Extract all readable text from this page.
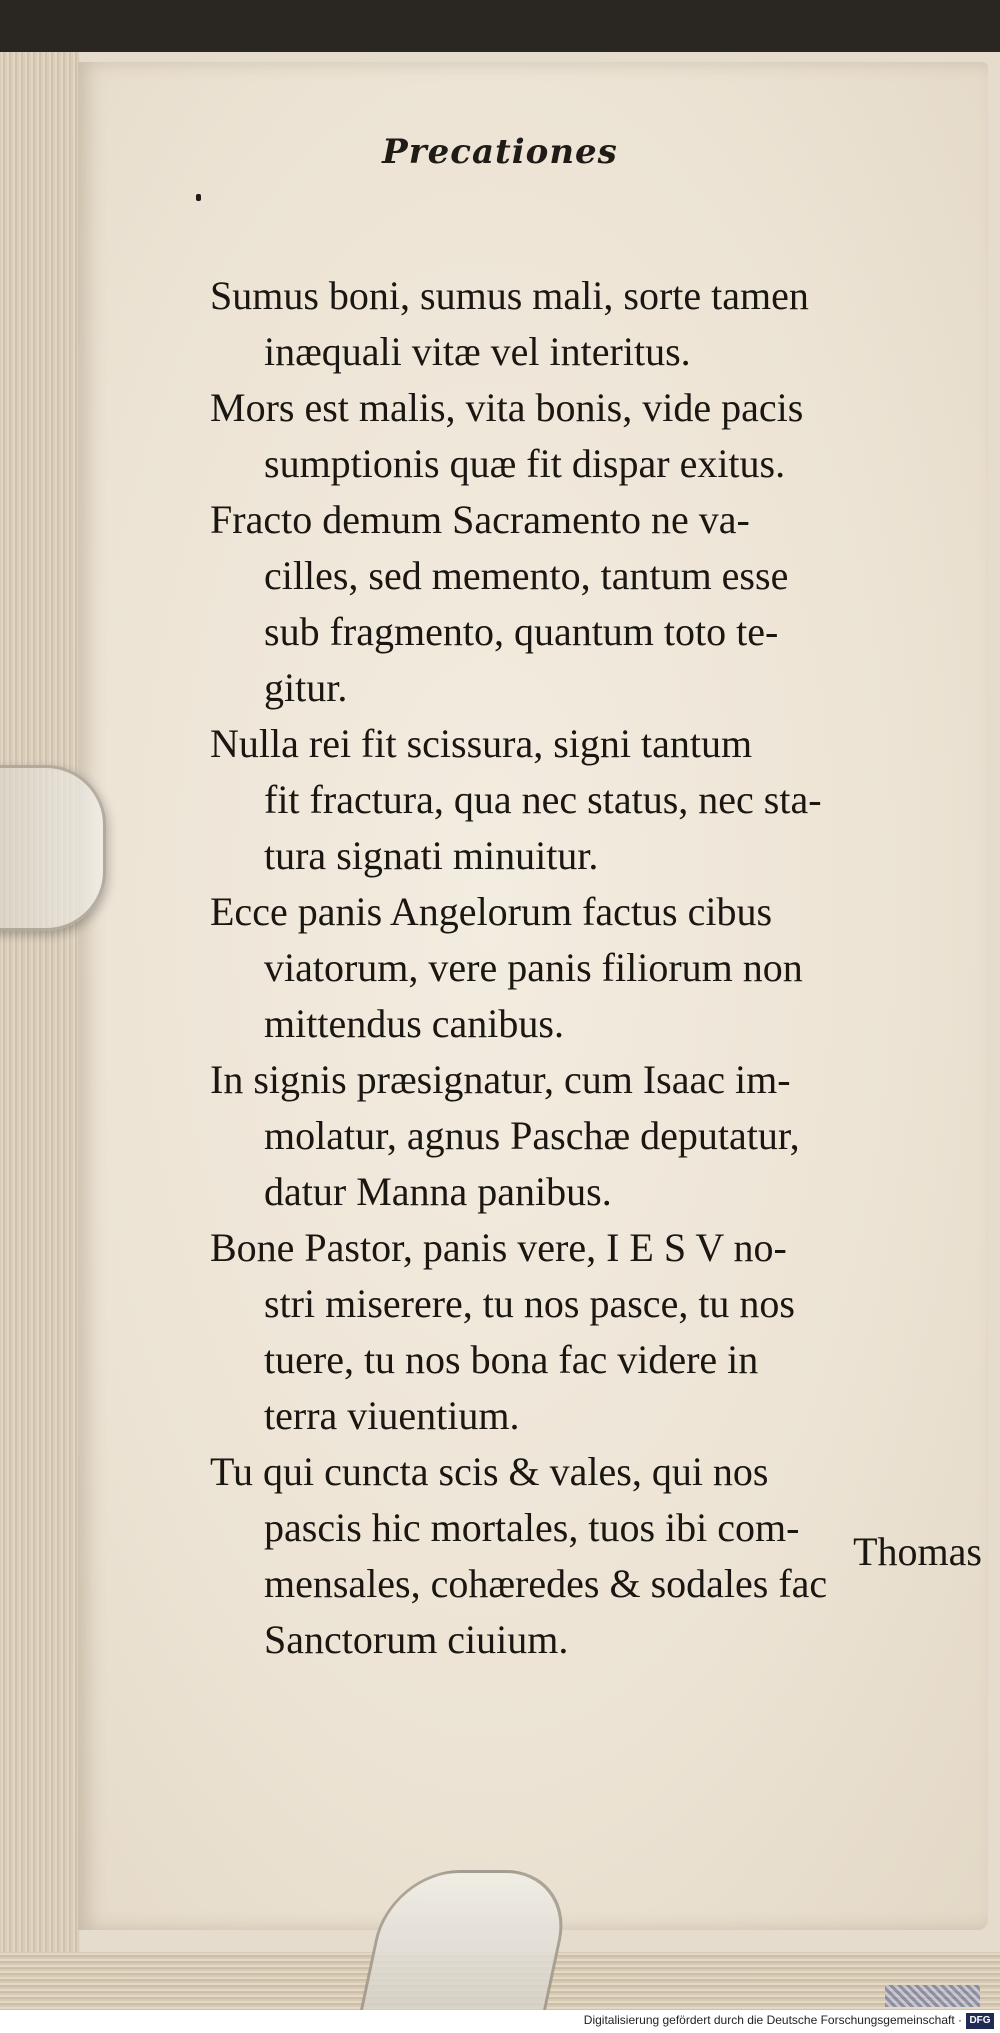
Precationes
Sumus boni, sumus mali, sorte tamen
inæquali vitæ vel interitus.
Mors est malis, vita bonis, vide pacis
sumptionis quæ fit dispar exitus.
Fracto demum Sacramento ne va-
cilles, sed memento, tantum esse
sub fragmento, quantum toto te-
gitur.
Nulla rei fit scissura, signi tantum
fit fractura, qua nec status, nec sta-
tura signati minuitur.
Ecce panis Angelorum factus cibus
viatorum, vere panis filiorum non
mittendus canibus.
In signis præsignatur, cum Isaac im-
molatur, agnus Paschæ deputatur,
datur Manna panibus.
Bone Pastor, panis vere, I E S V no-
stri miserere, tu nos pasce, tu nos
tuere, tu nos bona fac videre in
terra viuentium.
Tu qui cuncta scis & vales, qui nos
pascis hic mortales, tuos ibi com-
mensales, cohæredes & sodales fac
Sanctorum ciuium.
Thomas
Digitalisierung gefördert durch die Deutsche Forschungsgemeinschaft · DFG
